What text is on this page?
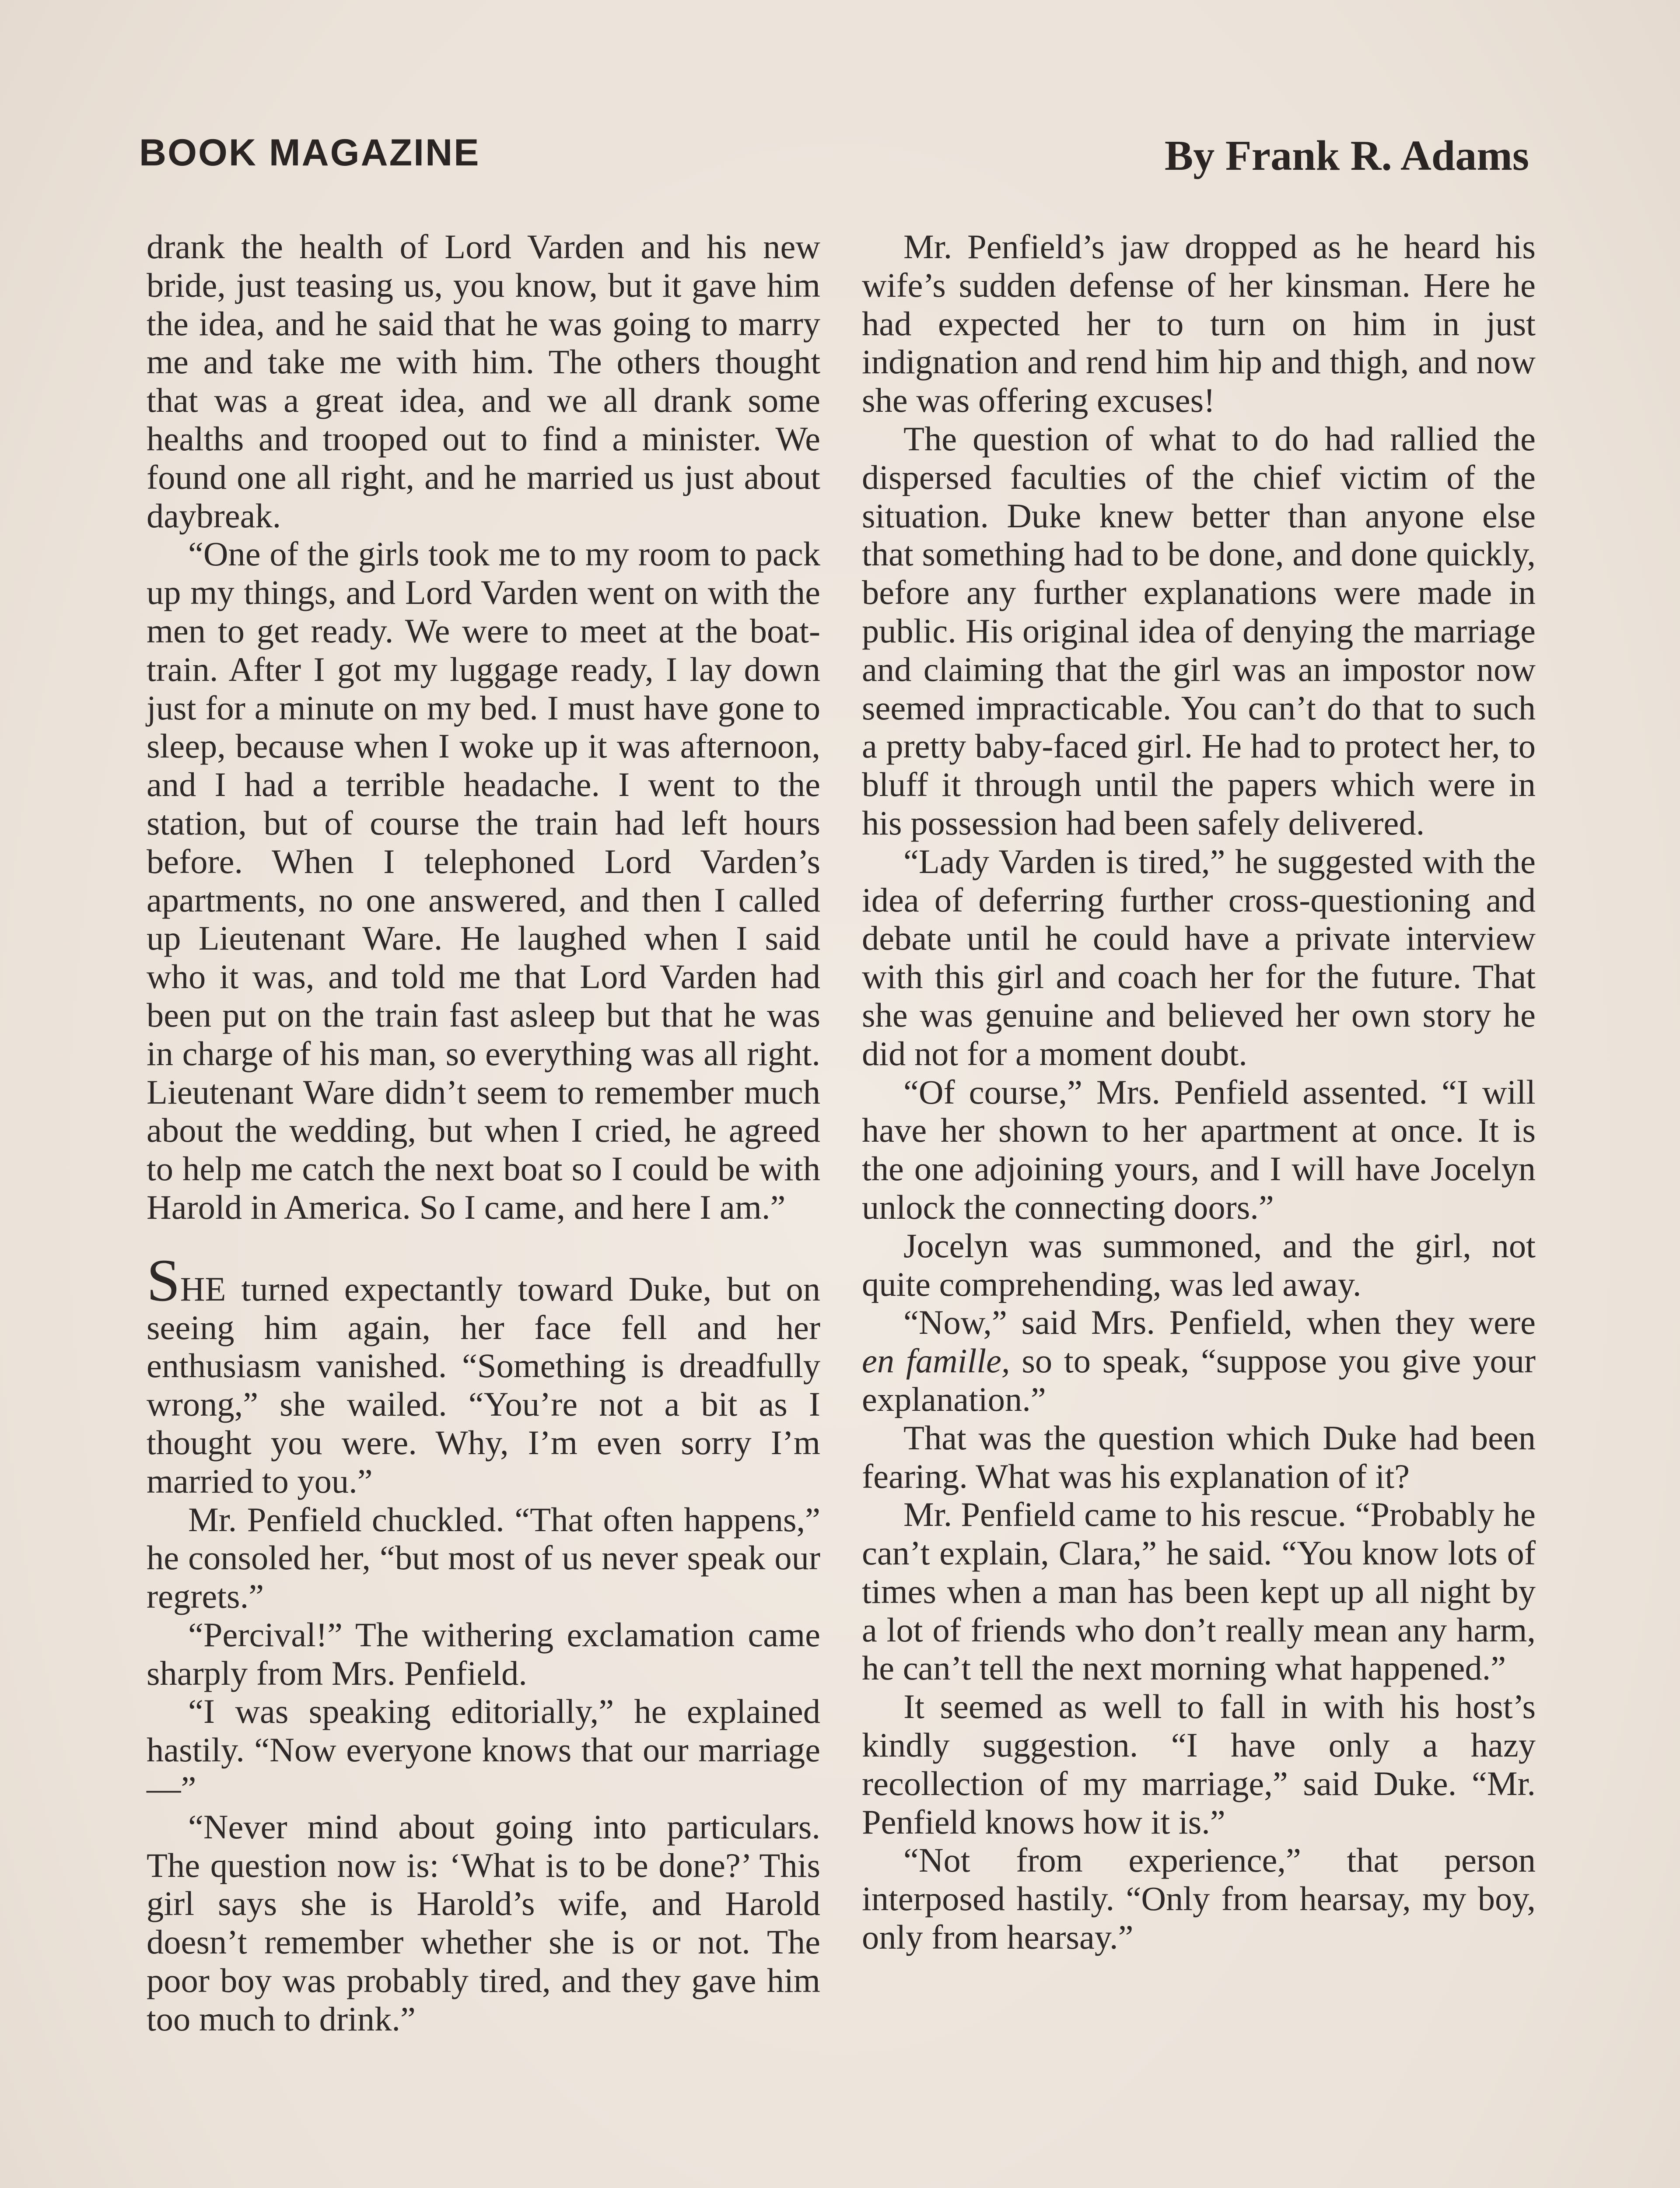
BOOK MAGAZINE	By Frank R. Adams

drank the health of Lord Varden and his new bride, just teasing us, you know, but it gave him the idea, and he said that he was going to marry me and take me with him. The others thought that was a great idea, and we all drank some healths and trooped out to find a minister. We found one all right, and he married us just about daybreak.

“One of the girls took me to my room to pack up my things, and Lord Varden went on with the men to get ready. We were to meet at the boat-train. After I got my luggage ready, I lay down just for a minute on my bed. I must have gone to sleep, because when I woke up it was afternoon, and I had a terrible headache. I went to the station, but of course the train had left hours before. When I telephoned Lord Varden’s apartments, no one answered, and then I called up Lieutenant Ware. He laughed when I said who it was, and told me that Lord Varden had been put on the train fast asleep but that he was in charge of his man, so everything was all right. Lieutenant Ware didn’t seem to remember much about the wedding, but when I cried, he agreed to help me catch the next boat so I could be with Harold in America. So I came, and here I am.”

SHE turned expectantly toward Duke, but on seeing him again, her face fell and her enthusiasm vanished. “Something is dreadfully wrong,” she wailed. “You’re not a bit as I thought you were. Why, I’m even sorry I’m married to you.”

Mr. Penfield chuckled. “That often happens,” he consoled her, “but most of us never speak our regrets.”

“Percival!” The withering exclamation came sharply from Mrs. Penfield.

“I was speaking editorially,” he explained hastily. “Now everyone knows that our marriage—”

“Never mind about going into particulars. The question now is: ‘What is to be done?’ This girl says she is Harold’s wife, and Harold doesn’t remember whether she is or not. The poor boy was probably tired, and they gave him too much to drink.”

Mr. Penfield’s jaw dropped as he heard his wife’s sudden defense of her kinsman. Here he had expected her to turn on him in just indignation and rend him hip and thigh, and now she was offering excuses!

The question of what to do had rallied the dispersed faculties of the chief victim of the situation. Duke knew better than anyone else that something had to be done, and done quickly, before any further explanations were made in public. His original idea of denying the marriage and claiming that the girl was an impostor now seemed impracticable. You can’t do that to such a pretty baby-faced girl. He had to protect her, to bluff it through until the papers which were in his possession had been safely delivered.

“Lady Varden is tired,” he suggested with the idea of deferring further cross-questioning and debate until he could have a private interview with this girl and coach her for the future. That she was genuine and believed her own story he did not for a moment doubt.

“Of course,” Mrs. Penfield assented. “I will have her shown to her apartment at once. It is the one adjoining yours, and I will have Jocelyn unlock the connecting doors.”

Jocelyn was summoned, and the girl, not quite comprehending, was led away.

“Now,” said Mrs. Penfield, when they were en famille, so to speak, “suppose you give your explanation.”

That was the question which Duke had been fearing. What was his explanation of it?

Mr. Penfield came to his rescue. “Probably he can’t explain, Clara,” he said. “You know lots of times when a man has been kept up all night by a lot of friends who don’t really mean any harm, he can’t tell the next morning what happened.”

It seemed as well to fall in with his host’s kindly suggestion. “I have only a hazy recollection of my marriage,” said Duke. “Mr. Penfield knows how it is.”

“Not from experience,” that person interposed hastily. “Only from hearsay, my boy, only from hearsay.”
